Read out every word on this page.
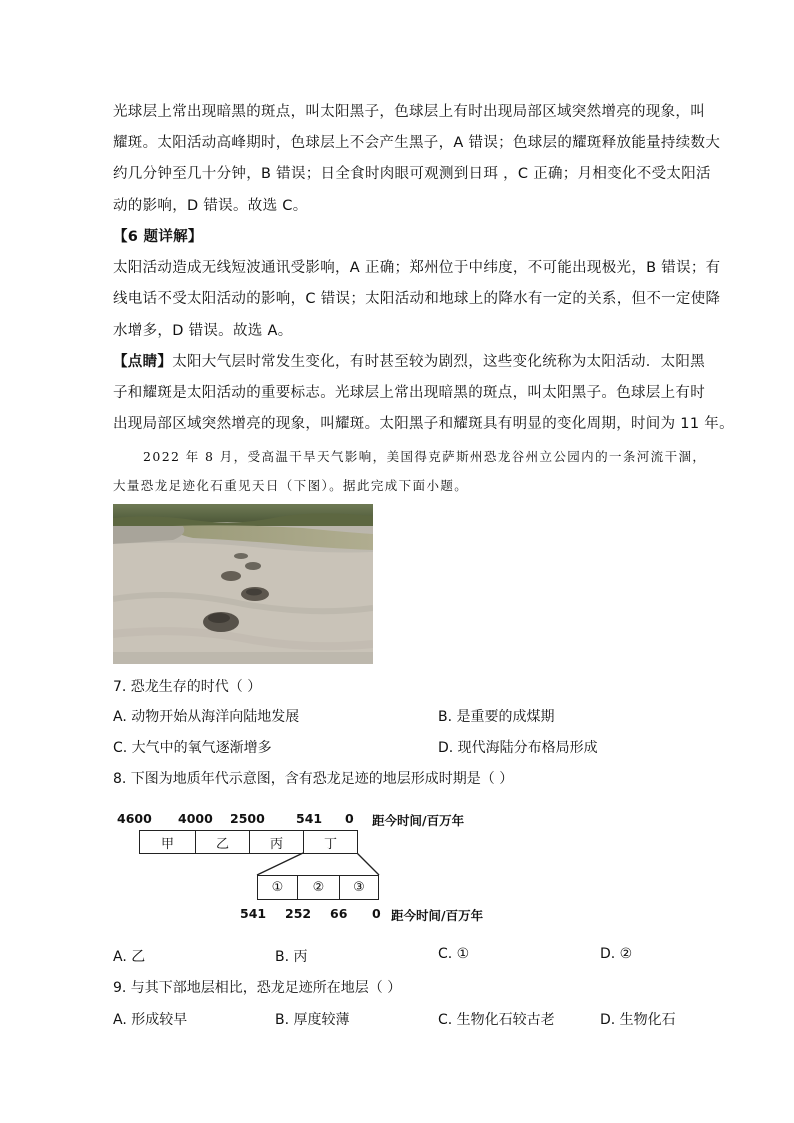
光球层上常出现暗黑的斑点，叫太阳黑子，色球层上有时出现局部区域突然增亮的现象，叫

耀斑。太阳活动高峰期时，色球层上不会产生黑子，A 错误；色球层的耀斑释放能量持续数大

约几分钟至几十分钟，B 错误；日全食时肉眼可观测到日珥 ，C 正确；月相变化不受太阳活

动的影响，D 错误。故选 C。

【6 题详解】

太阳活动造成无线短波通讯受影响，A 正确；郑州位于中纬度，不可能出现极光，B 错误；有

线电话不受太阳活动的影响，C 错误；太阳活动和地球上的降水有一定的关系，但不一定使降

水增多，D 错误。故选 A。

【点睛】太阳大气层时常发生变化，有时甚至较为剧烈，这些变化统称为太阳活动．太阳黑

子和耀斑是太阳活动的重要标志。光球层上常出现暗黑的斑点，叫太阳黑子。色球层上有时

出现局部区域突然增亮的现象，叫耀斑。太阳黑子和耀斑具有明显的变化周期，时间为 11 年。

2022 年 8 月，受高温干旱天气影响，美国得克萨斯州恐龙谷州立公园内的一条河流干涸，

大量恐龙足迹化石重见天日（下图）。据此完成下面小题。

7. 恐龙生存的时代（ ）
A. 动物开始从海洋向陆地发展	B. 是重要的成煤期
C. 大气中的氧气逐渐增多	D. 现代海陆分布格局形成
8. 下图为地质年代示意图，含有恐龙足迹的地层形成时期是（ ）
4600 4000 2500 541 0 距今时间/百万年
甲	乙	丙	丁
①	②	③
541 252 66 0 距今时间/百万年
A. 乙	B. 丙	C. ①	D. ②
9. 与其下部地层相比，恐龙足迹所在地层（ ）
A. 形成较早	B. 厚度较薄	C. 生物化石较古老	D. 生物化石
